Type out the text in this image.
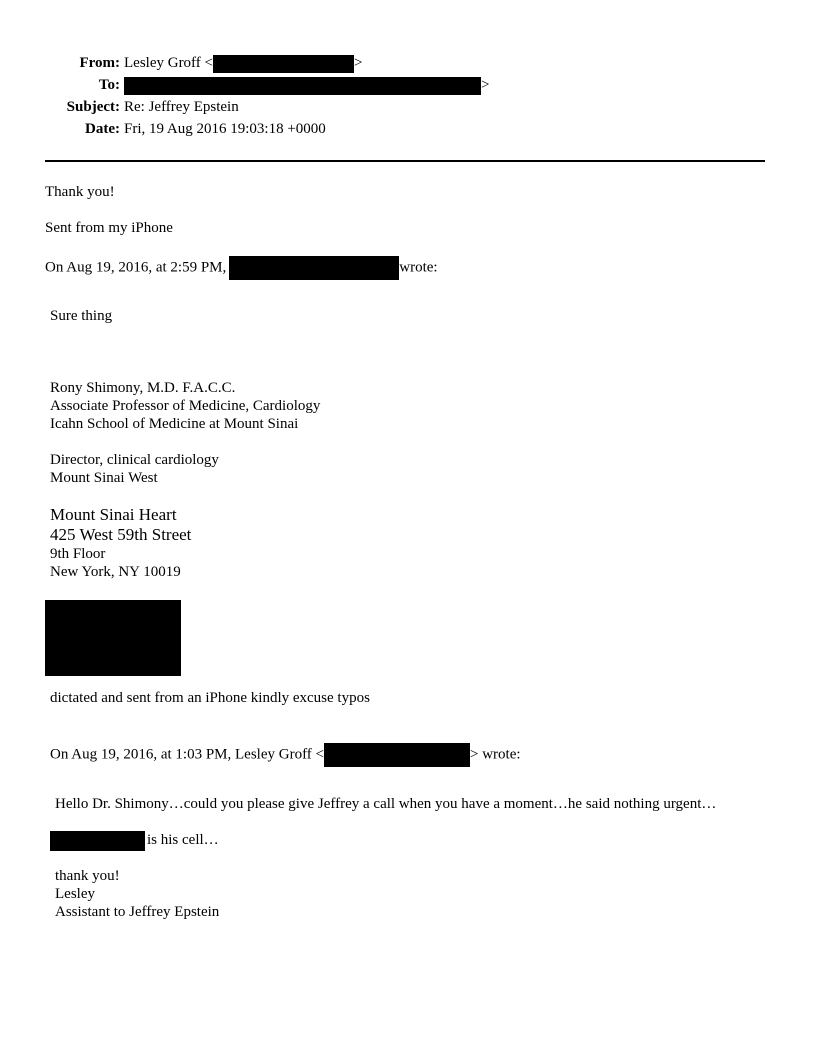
From: Lesley Groff <	>
To:	>
Subject: Re: Jeffrey Epstein
Date: Fri, 19 Aug 2016 19:03:18 +0000
Thank you!
Sent from my iPhone
On Aug 19, 2016, at 2:59 PM,	wrote:
Sure thing
Rony Shimony, M.D. F.A.C.C.
Associate Professor of Medicine, Cardiology
Icahn School of Medicine at Mount Sinai
Director, clinical cardiology
Mount Sinai West
Mount Sinai Heart
425 West 59th Street
9th Floor
New York, NY 10019
dictated and sent from an iPhone kindly excuse typos
On Aug 19, 2016, at 1:03 PM, Lesley Groff <	> wrote:
Hello Dr. Shimony…could you please give Jeffrey a call when you have a moment…he said nothing urgent…
is his cell…
thank you!
Lesley
Assistant to Jeffrey Epstein
